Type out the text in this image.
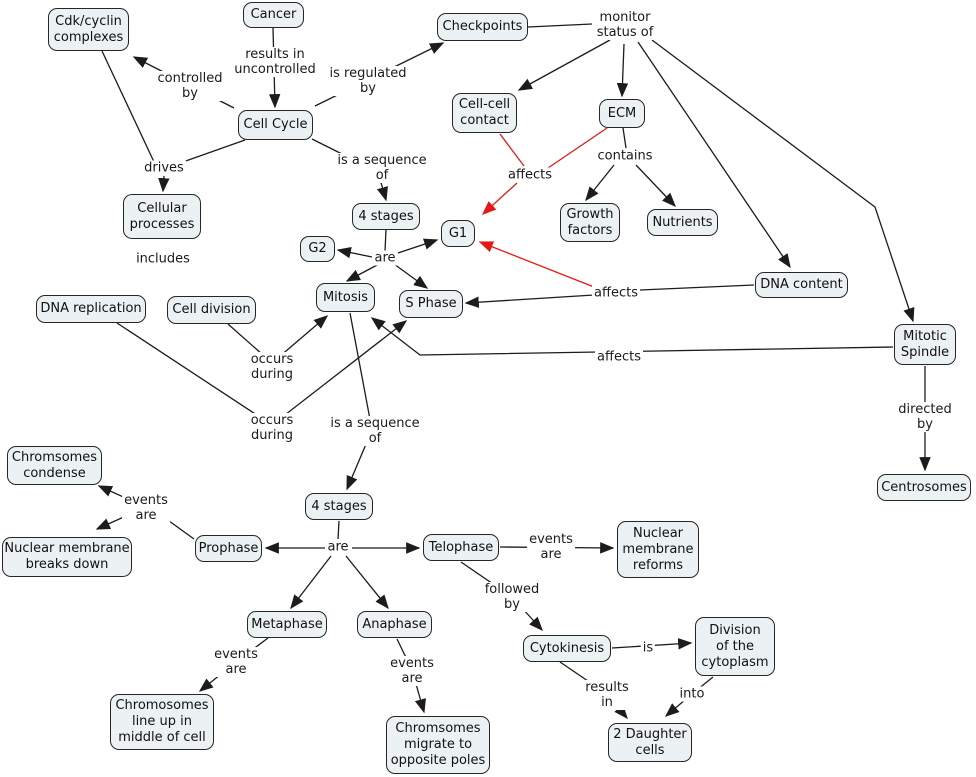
controlled
by
results in
uncontrolled is regulated
by
monitor
status of
drives	is a sequence
of	affects
contains
includes	are
occurs
during
occurs
during
affects
affects
is a sequence
of
directed
by
events
are
are	events
are
followed
by
events
are	events
are
is
results
in
into
Cdk/cyclin
complexes
Cancer
Checkpoints
Cell Cycle
Cell-cell
contact	ECM
Growth
factors
Nutrients
4 stages
G2
G1
Mitosis	S Phase
DNA content
Cellular
processes
DNA replication Cell division
Mitotic
Spindle
Centrosomes
Chromsomes
condense
Nuclear membrane
breaks down
Prophase
4 stages
Telophase
Nuclear
membrane
reforms
Metaphase	Anaphase
Cytokinesis
Division
of the
cytoplasm
2 Daughter
cells
Chromosomes
line up in
middle of cell
Chromsomes
migrate to
opposite poles
